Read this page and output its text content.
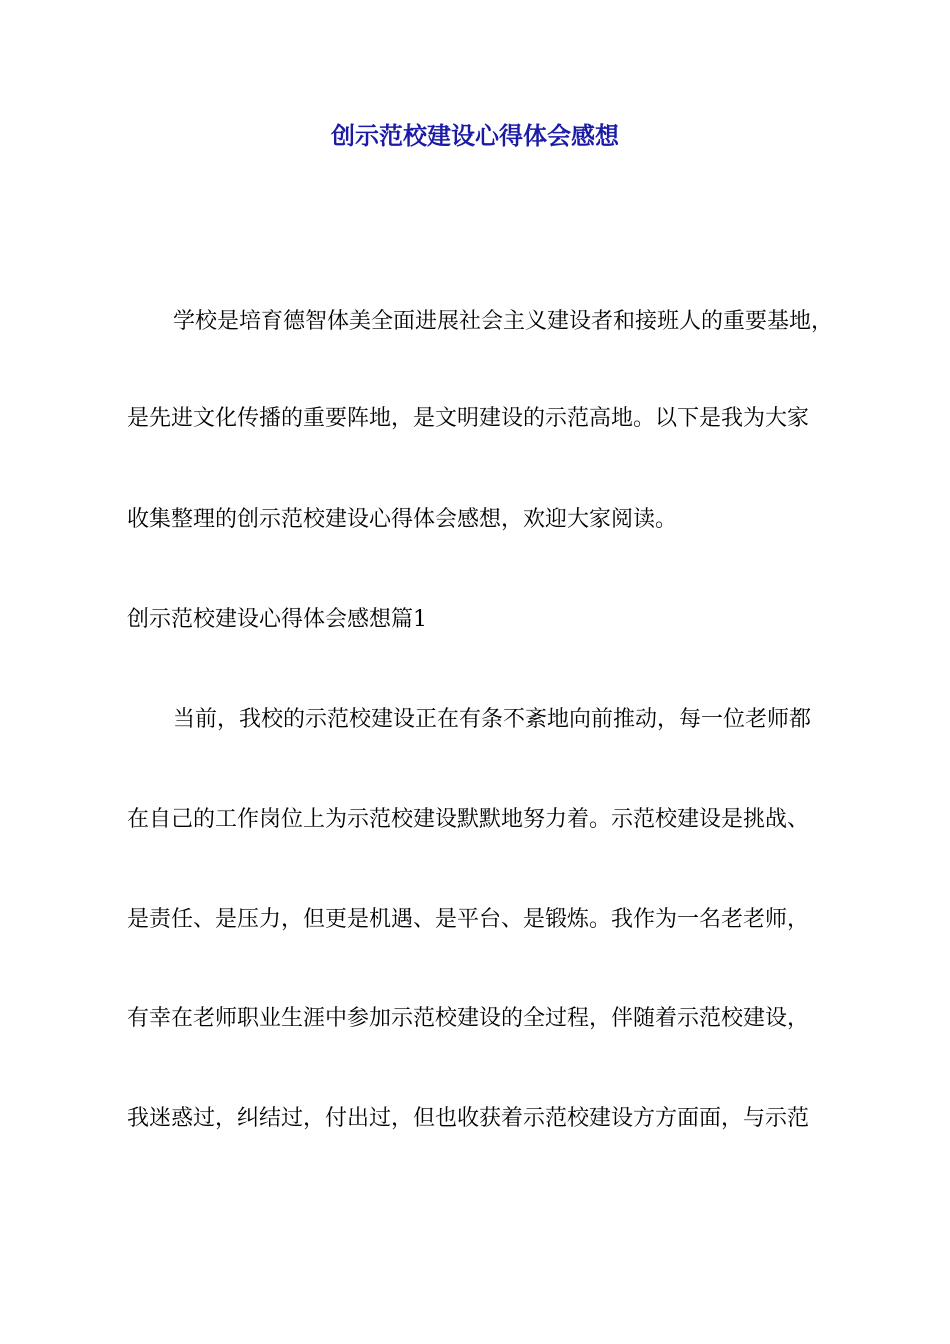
创示范校建设心得体会感想

学校是培育德智体美全面进展社会主义建设者和接班人的重要基地，

是先进文化传播的重要阵地，是文明建设的示范高地。以下是我为大家

收集整理的创示范校建设心得体会感想，欢迎大家阅读。

创示范校建设心得体会感想篇1

当前，我校的示范校建设正在有条不紊地向前推动，每一位老师都

在自己的工作岗位上为示范校建设默默地努力着。示范校建设是挑战、

是责任、是压力，但更是机遇、是平台、是锻炼。我作为一名老老师，

有幸在老师职业生涯中参加示范校建设的全过程，伴随着示范校建设，

我迷惑过，纠结过，付出过，但也收获着示范校建设方方面面，与示范
